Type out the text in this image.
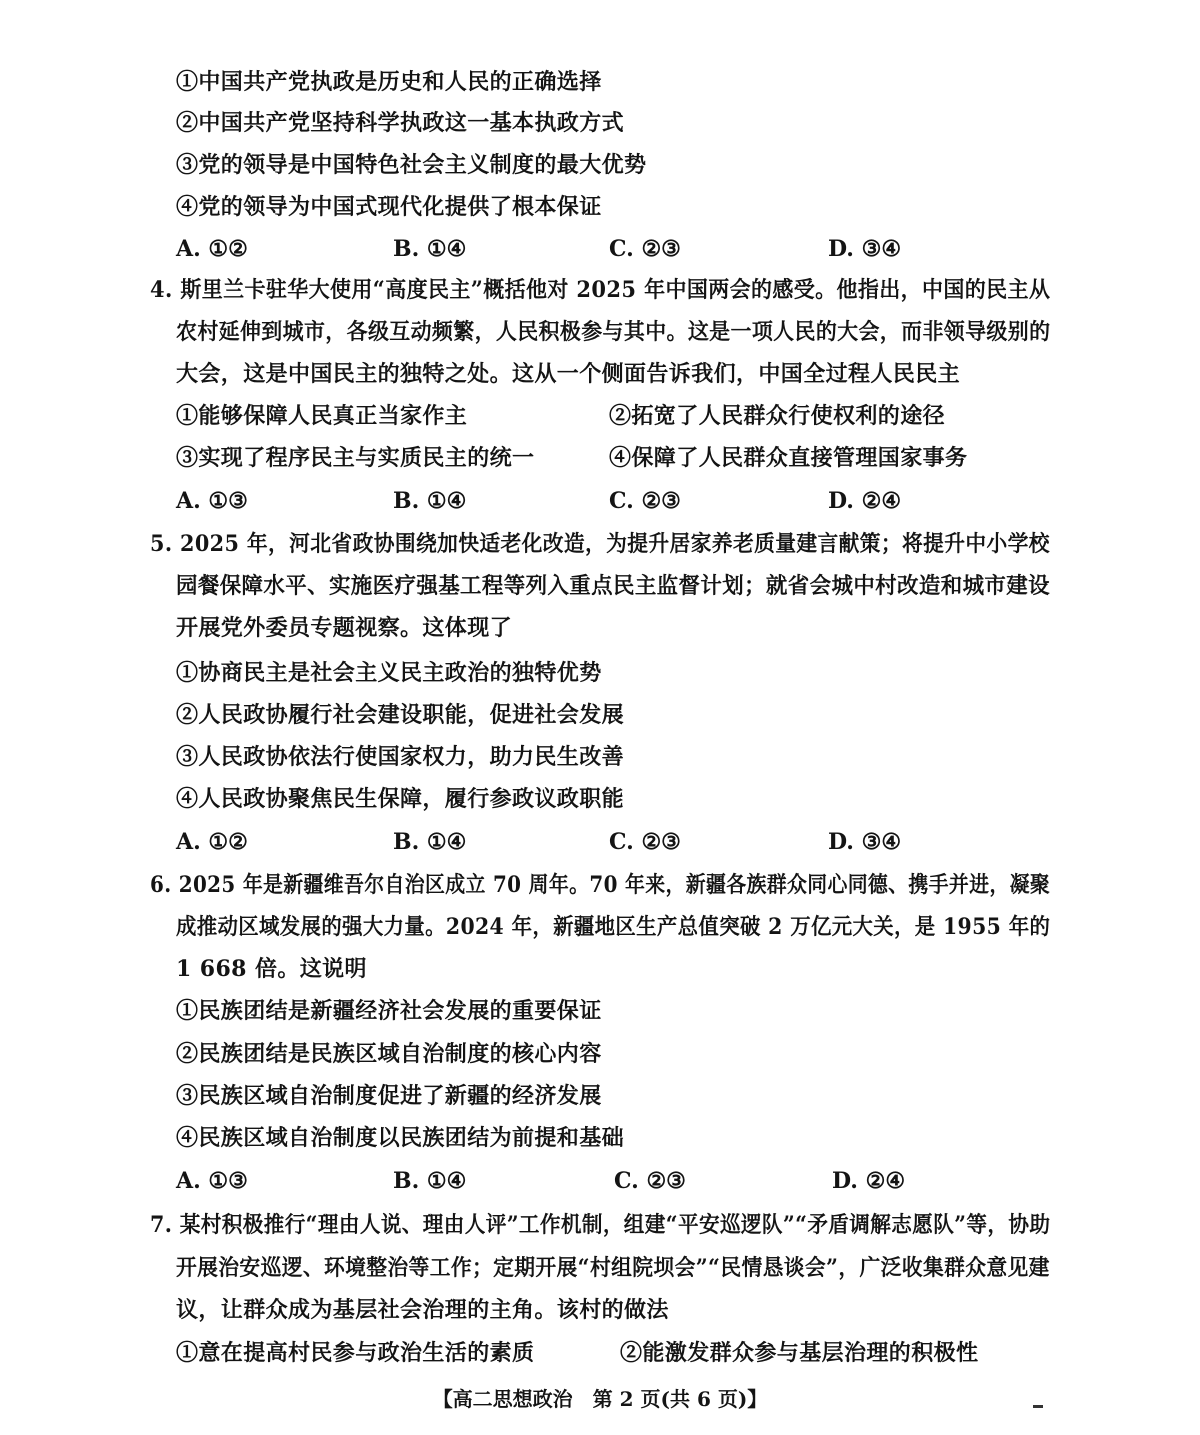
①中国共产党执政是历史和人民的正确选择
②中国共产党坚持科学执政这一基本执政方式
③党的领导是中国特色社会主义制度的最大优势
④党的领导为中国式现代化提供了根本保证
A. ①②	B. ①④	C. ②③	D. ③④
4. 斯里兰卡驻华大使用“高度民主”概括他对 2025 年中国两会的感受。他指出，中国的民主从
农村延伸到城市，各级互动频繁，人民积极参与其中。这是一项人民的大会，而非领导级别的
大会，这是中国民主的独特之处。这从一个侧面告诉我们，中国全过程人民民主
①能够保障人民真正当家作主	②拓宽了人民群众行使权利的途径
③实现了程序民主与实质民主的统一	④保障了人民群众直接管理国家事务
A. ①③	B. ①④	C. ②③	D. ②④
5. 2025 年，河北省政协围绕加快适老化改造，为提升居家养老质量建言献策；将提升中小学校
园餐保障水平、实施医疗强基工程等列入重点民主监督计划；就省会城中村改造和城市建设
开展党外委员专题视察。这体现了
①协商民主是社会主义民主政治的独特优势
②人民政协履行社会建设职能，促进社会发展
③人民政协依法行使国家权力，助力民生改善
④人民政协聚焦民生保障，履行参政议政职能
A. ①②	B. ①④	C. ②③	D. ③④
6. 2025 年是新疆维吾尔自治区成立 70 周年。70 年来，新疆各族群众同心同德、携手并进，凝聚
成推动区域发展的强大力量。2024 年，新疆地区生产总值突破 2 万亿元大关，是 1955 年的
1 668 倍。这说明
①民族团结是新疆经济社会发展的重要保证
②民族团结是民族区域自治制度的核心内容
③民族区域自治制度促进了新疆的经济发展
④民族区域自治制度以民族团结为前提和基础
A. ①③	B. ①④	C. ②③	D. ②④
7. 某村积极推行“理由人说、理由人评”工作机制，组建“平安巡逻队”“矛盾调解志愿队”等，协助
开展治安巡逻、环境整治等工作；定期开展“村组院坝会”“民情恳谈会”，广泛收集群众意见建
议，让群众成为基层社会治理的主角。该村的做法
①意在提高村民参与政治生活的素质	②能激发群众参与基层治理的积极性
【高二思想政治　第 2 页(共 6 页)】
